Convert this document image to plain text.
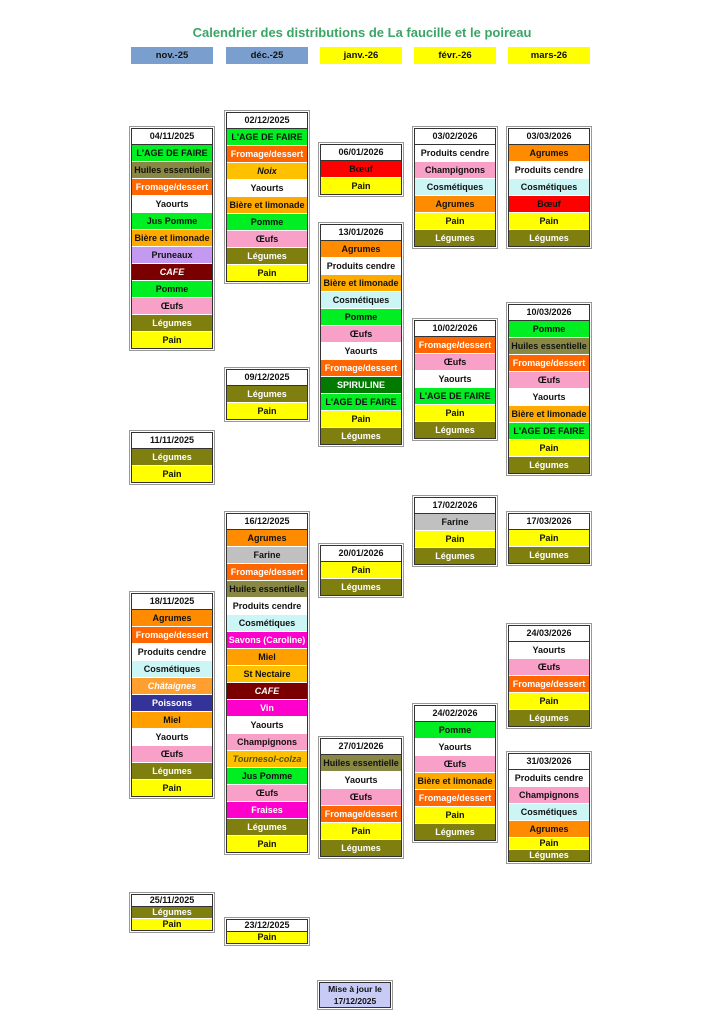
Calendrier des distributions de La faucille et le poireau
nov.-25	déc.-25	janv.-26	févr.-26	mars-26
04/11/2025
L'AGE DE FAIRE
Huiles essentielle
Fromage/dessert
Yaourts
Jus Pomme
Bière et limonade
Pruneaux
CAFE
Pomme
Œufs
Légumes
Pain
11/11/2025
Légumes
Pain
18/11/2025
Agrumes
Fromage/dessert
Produits cendre
Cosmétiques
Châtaignes
Poissons
Miel
Yaourts
Œufs
Légumes
Pain
25/11/2025
Légumes
Pain
02/12/2025
L'AGE DE FAIRE
Fromage/dessert
Noix
Yaourts
Bière et limonade
Pomme
Œufs
Légumes
Pain
09/12/2025
Légumes
Pain
16/12/2025
Agrumes
Farine
Fromage/dessert
Huiles essentielle
Produits cendre
Cosmétiques
Savons (Caroline)
Miel
St Nectaire
CAFE
Vin
Yaourts
Champignons
Tournesol-colza
Jus Pomme
Œufs
Fraises
Légumes
Pain
23/12/2025
Pain
06/01/2026
Bœuf
Pain
13/01/2026
Agrumes
Produits cendre
Bière et limonade
Cosmétiques
Pomme
Œufs
Yaourts
Fromage/dessert
SPIRULINE
L'AGE DE FAIRE
Pain
Légumes
20/01/2026
Pain
Légumes
27/01/2026
Huiles essentielle
Yaourts
Œufs
Fromage/dessert
Pain
Légumes
03/02/2026
Produits cendre
Champignons
Cosmétiques
Agrumes
Pain
Légumes
10/02/2026
Fromage/dessert
Œufs
Yaourts
L'AGE DE FAIRE
Pain
Légumes
17/02/2026
Farine
Pain
Légumes
24/02/2026
Pomme
Yaourts
Œufs
Bière et limonade
Fromage/dessert
Pain
Légumes
03/03/2026
Agrumes
Produits cendre
Cosmétiques
Bœuf
Pain
Légumes
10/03/2026
Pomme
Huiles essentielle
Fromage/dessert
Œufs
Yaourts
Bière et limonade
L'AGE DE FAIRE
Pain
Légumes
17/03/2026
Pain
Légumes
24/03/2026
Yaourts
Œufs
Fromage/dessert
Pain
Légumes
31/03/2026
Produits cendre
Champignons
Cosmétiques
Agrumes
Pain
Légumes
Mise à jour le
17/12/2025
